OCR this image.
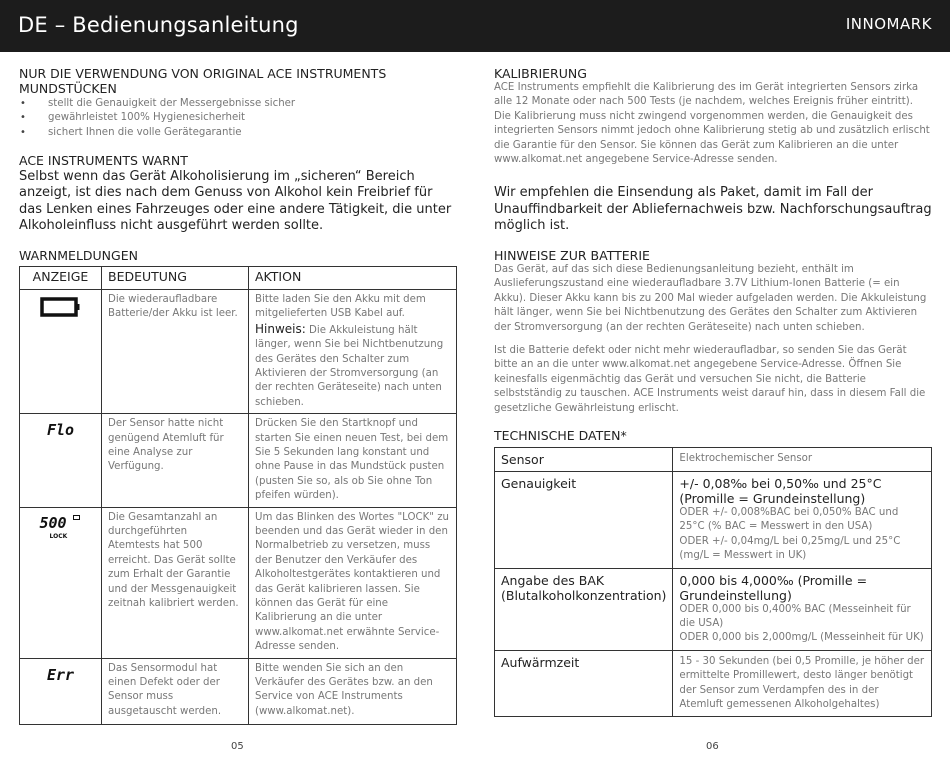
DE – Bedienungsanleitung	INNOMARK
NUR DIE VERWENDUNG VON ORIGINAL ACE INSTRUMENTS MUNDSTÜCKEN
• stellt die Genauigkeit der Messergebnisse sicher
• gewährleistet 100% Hygienesicherheit
• sichert Ihnen die volle Gerätegarantie
ACE INSTRUMENTS WARNT
Selbst wenn das Gerät Alkoholisierung im „sicheren“ Bereich anzeigt, ist dies nach dem Genuss von Alkohol kein Freibrief für das Lenken eines Fahrzeuges oder eine andere Tätigkeit, die unter Alkoholeinfluss nicht ausgeführt werden sollte.
WARNMELDUNGEN
ANZEIGE	BEDEUTUNG	AKTION
	Die wiederaufladbare Batterie/der Akku ist leer.	Bitte laden Sie den Akku mit dem mitgelieferten USB Kabel auf.
Hinweis: Die Akkuleistung hält länger, wenn Sie bei Nichtbenutzung des Gerätes den Schalter zum Aktivieren der Stromversorgung (an der rechten Geräteseite) nach unten schieben.
Flo	Der Sensor hatte nicht genügend Atemluft für eine Analyse zur Verfügung.	Drücken Sie den Startknopf und starten Sie einen neuen Test, bei dem Sie 5 Sekunden lang konstant und ohne Pause in das Mundstück pusten (pusten Sie so, als ob Sie ohne Ton pfeifen würden).

500
LOCK	Die Gesamtanzahl an durchgeführten Atemtests hat 500 erreicht. Das Gerät sollte zum Erhalt der Garantie und der Messgenauigkeit zeitnah kalibriert werden.	Um das Blinken des Wortes "LOCK" zu beenden und das Gerät wieder in den Normalbetrieb zu versetzen, muss der Benutzer den Verkäufer des Alkoholtestgerätes kontaktieren und das Gerät kalibrieren lassen. Sie können das Gerät für eine Kalibrierung an die unter www.alkomat.net erwähnte Service-Adresse senden.
Err	Das Sensormodul hat einen Defekt oder der Sensor muss ausgetauscht werden.	Bitte wenden Sie sich an den Verkäufer des Gerätes bzw. an den Service von ACE Instruments (www.alkomat.net).
05
KALIBRIERUNG
ACE Instruments empfiehlt die Kalibrierung des im Gerät integrierten Sensors zirka alle 12 Monate oder nach 500 Tests (je nachdem, welches Ereignis früher eintritt). Die Kalibrierung muss nicht zwingend vorgenommen werden, die Genauigkeit des integrierten Sensors nimmt jedoch ohne Kalibrierung stetig ab und zusätzlich erlischt die Garantie für den Sensor. Sie können das Gerät zum Kalibrieren an die unter www.alkomat.net angegebene Service-Adresse senden.
Wir empfehlen die Einsendung als Paket, damit im Fall der Unauffindbarkeit der Abliefernachweis bzw. Nachforschungsauftrag möglich ist.
HINWEISE ZUR BATTERIE
Das Gerät, auf das sich diese Bedienungsanleitung bezieht, enthält im Auslieferungszustand eine wiederaufladbare 3.7V Lithium-Ionen Batterie (= ein Akku). Dieser Akku kann bis zu 200 Mal wieder aufgeladen werden. Die Akkuleistung hält länger, wenn Sie bei Nichtbenutzung des Gerätes den Schalter zum Aktivieren der Stromversorgung (an der rechten Geräteseite) nach unten schieben.
Ist die Batterie defekt oder nicht mehr wiederaufladbar, so senden Sie das Gerät bitte an an die unter www.alkomat.net angegebene Service-Adresse. Öffnen Sie keinesfalls eigenmächtig das Gerät und versuchen Sie nicht, die Batterie selbstständig zu tauschen. ACE Instruments weist darauf hin, dass in diesem Fall die gesetzliche Gewährleistung erlischt.
TECHNISCHE DATEN*
Sensor	Elektrochemischer Sensor

Genauigkeit	+/- 0,08‰ bei 0,50‰ und 25°C (Promille = Grundeinstellung)
ODER +/- 0,008%BAC bei 0,050% BAC und 25°C (% BAC = Messwert in den USA)
ODER +/- 0,04mg/L bei 0,25mg/L und 25°C (mg/L = Messwert in UK)

Angabe des BAK (Blutalkoholkonzentration)	0,000 bis 4,000‰ (Promille = Grundeinstellung)
ODER 0,000 bis 0,400% BAC (Messeinheit für die USA)
ODER 0,000 bis 2,000mg/L (Messeinheit für UK)

Aufwärmzeit	15 - 30 Sekunden (bei 0,5 Promille, je höher der ermittelte Promillewert, desto länger benötigt der Sensor zum Verdampfen des in der Atemluft gemessenen Alkoholgehaltes)
06
